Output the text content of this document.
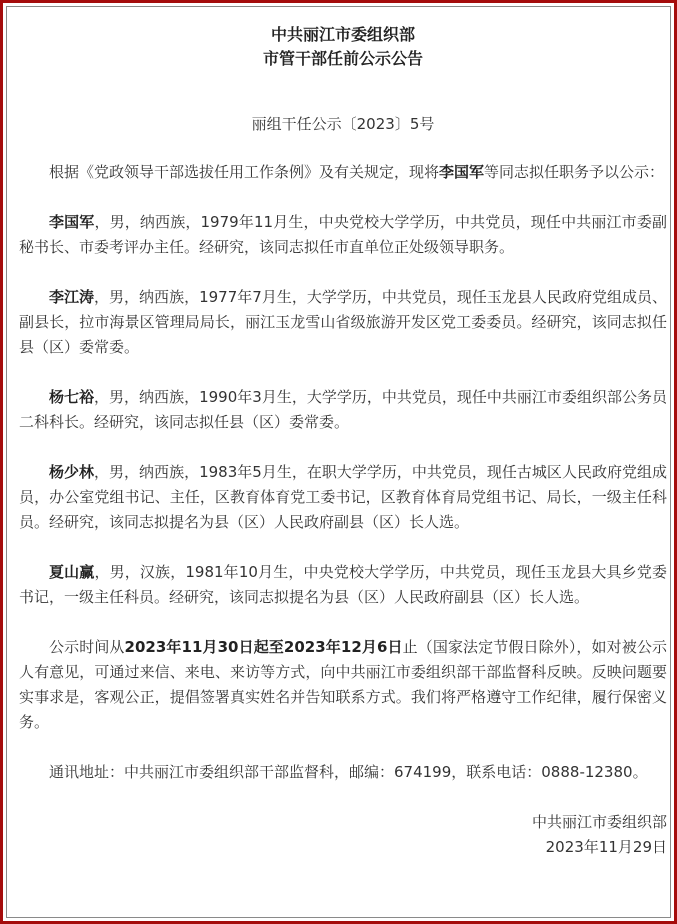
中共丽江市委组织部
市管干部任前公示公告
丽组干任公示〔2023〕5号

根据《党政领导干部选拔任用工作条例》及有关规定，现将李国军等同志拟任职务予以公示：

李国军，男，纳西族，1979年11月生，中央党校大学学历，中共党员，现任中共丽江市委副秘书长、市委考评办主任。经研究，该同志拟任市直单位正处级领导职务。

李江涛，男，纳西族，1977年7月生，大学学历，中共党员，现任玉龙县人民政府党组成员、副县长，拉市海景区管理局局长，丽江玉龙雪山省级旅游开发区党工委委员。经研究，该同志拟任县（区）委常委。

杨七裕，男，纳西族，1990年3月生，大学学历，中共党员，现任中共丽江市委组织部公务员二科科长。经研究，该同志拟任县（区）委常委。

杨少林，男，纳西族，1983年5月生，在职大学学历，中共党员，现任古城区人民政府党组成员，办公室党组书记、主任，区教育体育党工委书记，区教育体育局党组书记、局长，一级主任科员。经研究，该同志拟提名为县（区）人民政府副县（区）长人选。

夏山赢，男，汉族，1981年10月生，中央党校大学学历，中共党员，现任玉龙县大具乡党委书记，一级主任科员。经研究，该同志拟提名为县（区）人民政府副县（区）长人选。

公示时间从2023年11月30日起至2023年12月6日止（国家法定节假日除外），如对被公示人有意见，可通过来信、来电、来访等方式，向中共丽江市委组织部干部监督科反映。反映问题要实事求是，客观公正，提倡签署真实姓名并告知联系方式。我们将严格遵守工作纪律，履行保密义务。

通讯地址：中共丽江市委组织部干部监督科，邮编：674199，联系电话：0888-12380。

中共丽江市委组织部

2023年11月29日
